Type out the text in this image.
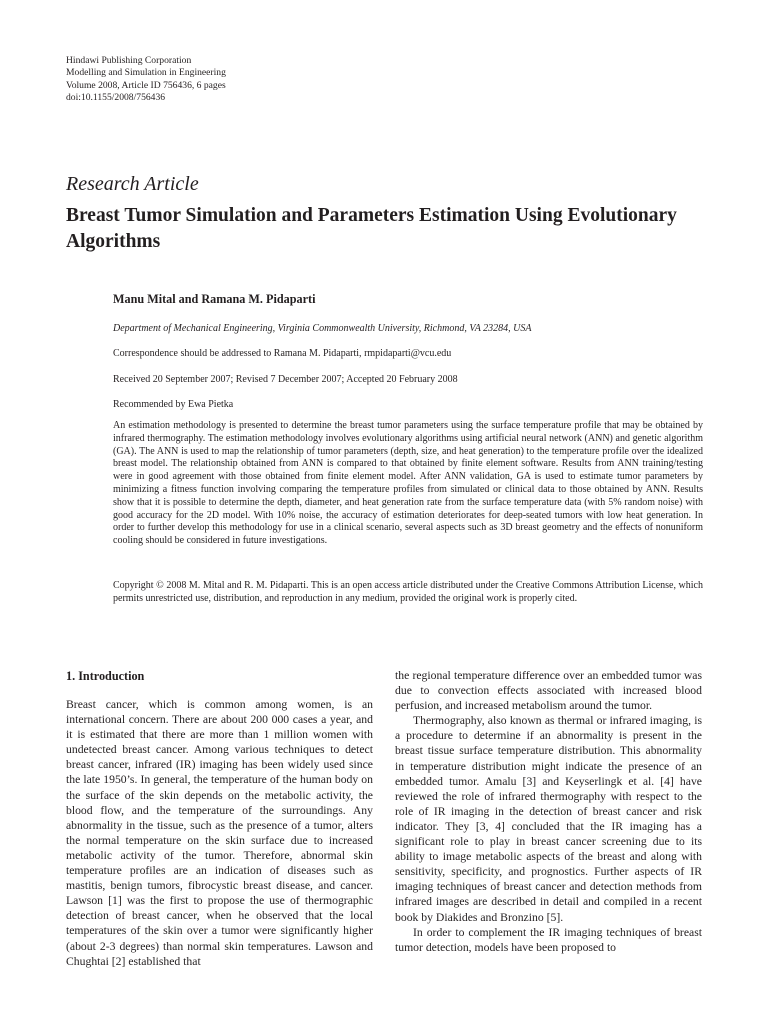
Hindawi Publishing Corporation
Modelling and Simulation in Engineering
Volume 2008, Article ID 756436, 6 pages
doi:10.1155/2008/756436
Research Article
Breast Tumor Simulation and Parameters Estimation Using Evolutionary Algorithms
Manu Mital and Ramana M. Pidaparti
Department of Mechanical Engineering, Virginia Commonwealth University, Richmond, VA 23284, USA
Correspondence should be addressed to Ramana M. Pidaparti, rmpidaparti@vcu.edu
Received 20 September 2007; Revised 7 December 2007; Accepted 20 February 2008
Recommended by Ewa Pietka
An estimation methodology is presented to determine the breast tumor parameters using the surface temperature profile that may be obtained by infrared thermography. The estimation methodology involves evolutionary algorithms using artificial neural network (ANN) and genetic algorithm (GA). The ANN is used to map the relationship of tumor parameters (depth, size, and heat generation) to the temperature profile over the idealized breast model. The relationship obtained from ANN is compared to that obtained by finite element software. Results from ANN training/testing were in good agreement with those obtained from finite element model. After ANN validation, GA is used to estimate tumor parameters by minimizing a fitness function involving comparing the temperature profiles from simulated or clinical data to those obtained by ANN. Results show that it is possible to determine the depth, diameter, and heat generation rate from the surface temperature data (with 5% random noise) with good accuracy for the 2D model. With 10% noise, the accuracy of estimation deteriorates for deep-seated tumors with low heat generation. In order to further develop this methodology for use in a clinical scenario, several aspects such as 3D breast geometry and the effects of nonuniform cooling should be considered in future investigations.
Copyright © 2008 M. Mital and R. M. Pidaparti. This is an open access article distributed under the Creative Commons Attribution License, which permits unrestricted use, distribution, and reproduction in any medium, provided the original work is properly cited.
1. Introduction

Breast cancer, which is common among women, is an international concern. There are about 200 000 cases a year, and it is estimated that there are more than 1 million women with undetected breast cancer. Among various techniques to detect breast cancer, infrared (IR) imaging has been widely used since the late 1950’s. In general, the temperature of the human body on the surface of the skin depends on the metabolic activity, the blood flow, and the temperature of the surroundings. Any abnormality in the tissue, such as the presence of a tumor, alters the normal temperature on the skin surface due to increased metabolic activity of the tumor. Therefore, abnormal skin temperature profiles are an indication of diseases such as mastitis, benign tumors, fibrocystic breast disease, and cancer. Lawson [1] was the first to propose the use of thermographic detection of breast cancer, when he observed that the local temperatures of the skin over a tumor were significantly higher (about 2-3 degrees) than normal skin temperatures. Lawson and Chughtai [2] established that

the regional temperature difference over an embedded tumor was due to convection effects associated with increased blood perfusion, and increased metabolism around the tumor.

Thermography, also known as thermal or infrared imaging, is a procedure to determine if an abnormality is present in the breast tissue surface temperature distribution. This abnormality in temperature distribution might indicate the presence of an embedded tumor. Amalu [3] and Keyserlingk et al. [4] have reviewed the role of infrared thermography with respect to the role of IR imaging in the detection of breast cancer and risk indicator. They [3, 4] concluded that the IR imaging has a significant role to play in breast cancer screening due to its ability to image metabolic aspects of the breast and along with sensitivity, specificity, and prognostics. Further aspects of IR imaging techniques of breast cancer and detection methods from infrared images are described in detail and compiled in a recent book by Diakides and Bronzino [5].

In order to complement the IR imaging techniques of breast tumor detection, models have been proposed to
